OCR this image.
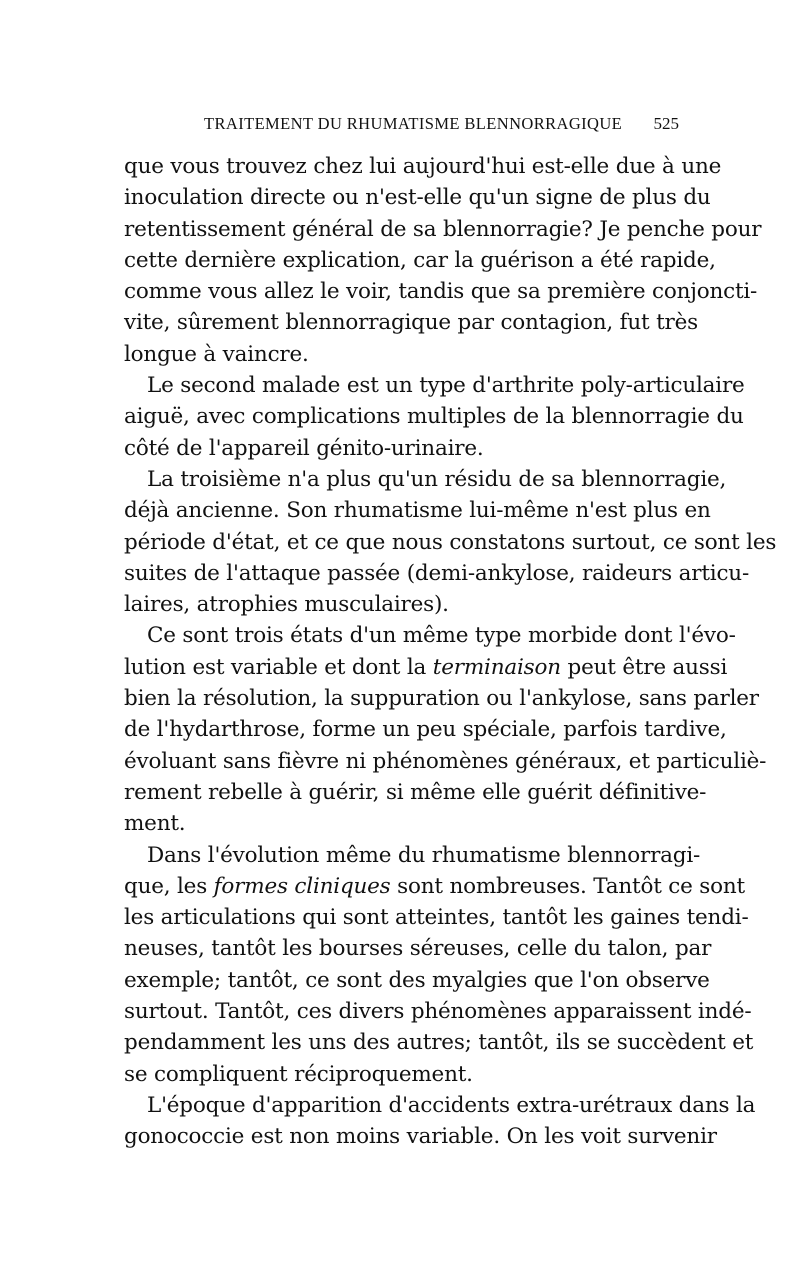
TRAITEMENT DU RHUMATISME BLENNORRAGIQUE 525
que vous trouvez chez lui aujourd'hui est-elle due à une
inoculation directe ou n'est-elle qu'un signe de plus du
retentissement général de sa blennorragie? Je penche pour
cette dernière explication, car la guérison a été rapide,
comme vous allez le voir, tandis que sa première conjoncti-
vite, sûrement blennorragique par contagion, fut très
longue à vaincre.
Le second malade est un type d'arthrite poly-articulaire
aiguë, avec complications multiples de la blennorragie du
côté de l'appareil génito-urinaire.
La troisième n'a plus qu'un résidu de sa blennorragie,
déjà ancienne. Son rhumatisme lui-même n'est plus en
période d'état, et ce que nous constatons surtout, ce sont les
suites de l'attaque passée (demi-ankylose, raideurs articu-
laires, atrophies musculaires).
Ce sont trois états d'un même type morbide dont l'évo-
lution est variable et dont la terminaison peut être aussi
bien la résolution, la suppuration ou l'ankylose, sans parler
de l'hydarthrose, forme un peu spéciale, parfois tardive,
évoluant sans fièvre ni phénomènes généraux, et particuliè-
rement rebelle à guérir, si même elle guérit définitive-
ment.
Dans l'évolution même du rhumatisme blennorragi-
que, les formes cliniques sont nombreuses. Tantôt ce sont
les articulations qui sont atteintes, tantôt les gaines tendi-
neuses, tantôt les bourses séreuses, celle du talon, par
exemple; tantôt, ce sont des myalgies que l'on observe
surtout. Tantôt, ces divers phénomènes apparaissent indé-
pendamment les uns des autres; tantôt, ils se succèdent et
se compliquent réciproquement.
L'époque d'apparition d'accidents extra-urétraux dans la
gonococcie est non moins variable. On les voit survenir
